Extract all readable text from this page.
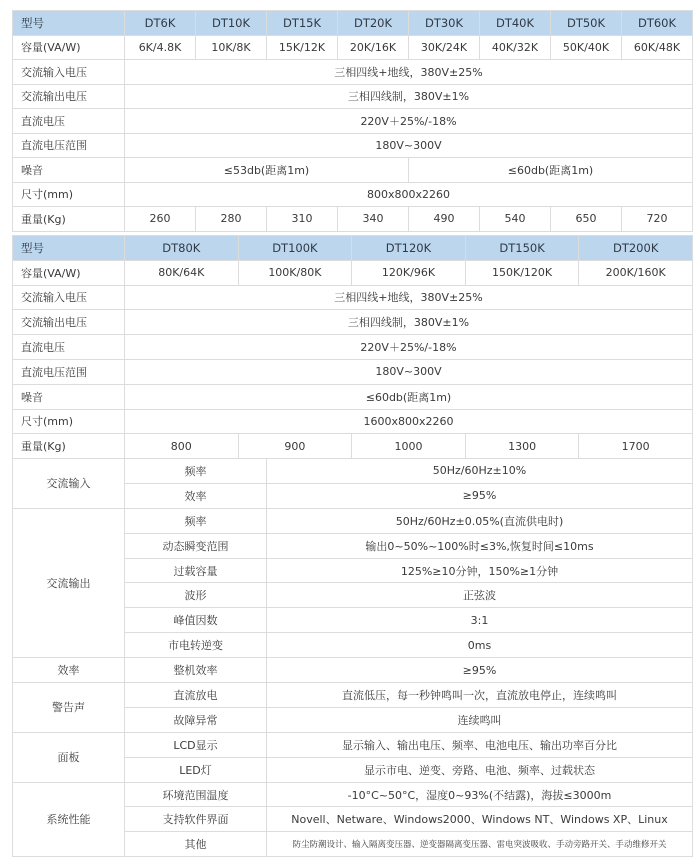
型号	DT6K	DT10K	DT15K	DT20K	DT30K	DT40K	DT50K	DT60K
容量(VA/W)	6K/4.8K	10K/8K	15K/12K	20K/16K	30K/24K	40K/32K	50K/40K	60K/48K
交流输入电压	三相四线+地线，380V±25%							
交流输出电压	三相四线制，380V±1%							
直流电压	220V＋25%/-18%							
直流电压范围	180V~300V							
噪音	≤53db(距离1m)				≤60db(距离1m)			
尺寸(mm)	800x800x2260							
重量(Kg)	260	280	310	340	490	540	650	720
型号	DT80K	DT100K	DT120K	DT150K	DT200K
容量(VA/W)	80K/64K	100K/80K	120K/96K	150K/120K	200K/160K
交流输入电压	三相四线+地线，380V±25%				
交流输出电压	三相四线制，380V±1%				
直流电压	220V＋25%/-18%				
直流电压范围	180V~300V				
噪音	≤60db(距离1m)				
尺寸(mm)	1600x800x2260				
重量(Kg)	800	900	1000	1300	1700
交流输入	频率	50Hz/60Hz±10%
	效率	≥95%
交流输出	频率	50Hz/60Hz±0.05%(直流供电时)
	动态瞬变范围	输出0~50%~100%时≤3%,恢复时间≤10ms
	过载容量	125%≥10分钟，150%≥1分钟
	波形	正弦波
	峰值因数	3:1
	市电转逆变	0ms
效率	整机效率	≥95%
警告声	直流放电	直流低压，每一秒钟鸣叫一次，直流放电停止，连续鸣叫
	故障异常	连续鸣叫
面板	LCD显示	显示输入、输出电压、频率、电池电压、输出功率百分比
	LED灯	显示市电、逆变、旁路、电池、频率、过载状态
系统性能	环境范围温度	-10°C~50°C，湿度0~93%(不结露)，海拔≤3000m
	支持软件界面	Novell、Netware、Windows2000、Windows NT、Windows XP、Linux
	其他	防尘防潮设计、输入隔离变压器、逆变器隔离变压器、雷电突波吸收、手动旁路开关、手动维修开关
